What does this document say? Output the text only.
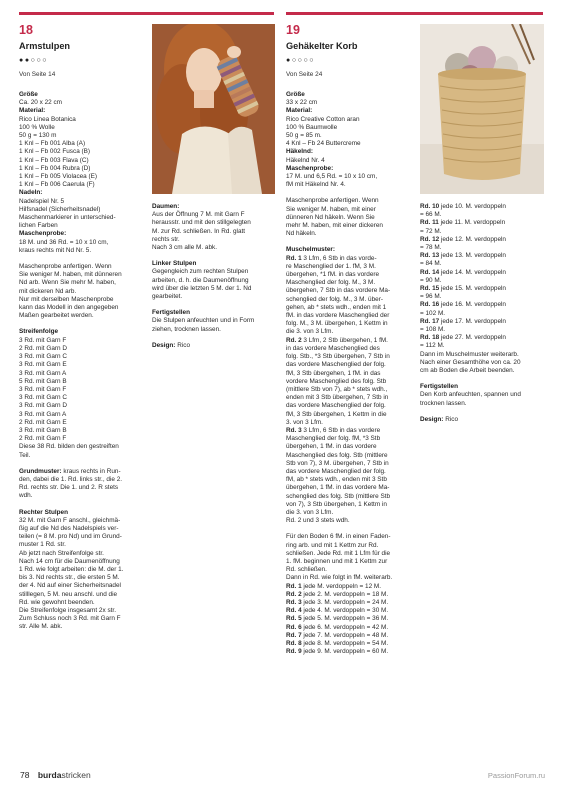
18
Armstulpen
●●○○○
Von Seite 14
Größe
Ca. 20 x 22 cm
Material:
Rico Linea Botanica
100 % Wolle
50 g = 130 m
1 Knl – Fb 001 Alba (A)
1 Knl – Fb 002 Fusca (B)
1 Knl – Fb 003 Flava (C)
1 Knl – Fb 004 Rubra (D)
1 Knl – Fb 005 Violacea (E)
1 Knl – Fb 006 Caerula (F)
Nadeln:
Nadelspiel Nr. 5
Hilfsnadel (Sicherheitsnadel)
Maschenmarkierer in unterschied-
lichen Farben
Maschenprobe:
18 M. und 36 Rd. = 10 x 10 cm,
kraus rechts mit Nd Nr. 5.
Maschenprobe anfertigen. Wenn
Sie weniger M. haben, mit dünneren
Nd arb. Wenn Sie mehr M. haben,
mit dickeren Nd arb.
Nur mit derselben Maschenprobe
kann das Modell in den angegeben
Maßen gearbeitet werden.
Streifenfolge
3 Rd. mit Garn F
2 Rd. mit Garn D
3 Rd. mit Garn C
3 Rd. mit Garn E
3 Rd. mit Garn A
5 Rd. mit Garn B
3 Rd. mit Garn F
3 Rd. mit Garn C
3 Rd. mit Garn D
3 Rd. mit Garn A
2 Rd. mit Garn E
3 Rd. mit Garn B
2 Rd. mit Garn F
Diese 38 Rd. bilden den gestreiften
Teil.
Grundmuster: kraus rechts in Run-
den, dabei die 1. Rd. links str., die 2.
Rd. rechts str. Die 1. und 2. R stets
wdh.
Rechter Stulpen
32 M. mit Garn F anschl., gleichmä-
ßig auf die Nd des Nadelspiels ver-
teilen (= 8 M. pro Nd) und im Grund-
muster 1 Rd. str.
Ab jetzt nach Streifenfolge str.
Nach 14 cm für die Daumenöffnung
1 Rd. wie folgt arbeiten: die M. der 1.
bis 3. Nd rechts str., die ersten 5 M.
der 4. Nd auf einer Sicherheitsnadel
stilllegen, 5 M. neu anschl. und die
Rd. wie gewohnt beenden.
Die Streifenfolge insgesamt 2x str.
Zum Schluss noch 3 Rd. mit Garn F
str. Alle M. abk.
Daumen:
Aus der Öffnung 7 M. mit Garn F
herausstr. und mit den stillgelegten
M. zur Rd. schließen. In Rd. glatt
rechts str.
Nach 3 cm alle M. abk.
Linker Stulpen
Gegengleich zum rechten Stulpen
arbeiten, d. h. die Daumenöffnung
wird über die letzten 5 M. der 1. Nd
gearbeitet.
Fertigstellen
Die Stulpen anfeuchten und in Form
ziehen, trocknen lassen.
Design: Rico
19
Gehäkelter Korb
●○○○○
Von Seite 24
Größe
33 x 22 cm
Material:
Rico Creative Cotton aran
100 % Baumwolle
50 g = 85 m.
4 Knl – Fb 24 Buttercreme
Häkelnd:
Häkelnd Nr. 4
Maschenprobe:
17 M. und 6,5 Rd. = 10 x 10 cm,
fM mit Häkelnd Nr. 4.
Maschenprobe anfertigen. Wenn
Sie weniger M. haben, mit einer
dünneren Nd häkeln. Wenn Sie
mehr M. haben, mit einer dickeren
Nd häkeln.
Muschelmuster:
Rd. 1 3 Lfm, 6 Stb in das vorde-
re Maschenglied der 1. fM, 3 M.
übergehen, *1 fM. in das vordere
Maschenglied der folg. M., 3 M.
übergehen, 7 Stb in das vordere Ma-
schenglied der folg. M., 3 M. über-
gehen, ab * stets wdh., enden mit 1
fM. in das vordere Maschenglied der
folg. M., 3 M. übergehen, 1 Kettm in
die 3. von 3 Lfm.
Rd. 2 3 Lfm, 2 Stb übergehen, 1 fM.
in das vordere Maschenglied des
folg. Stb., *3 Stb übergehen, 7 Stb in
das vordere Maschenglied der folg.
fM, 3 Stb übergehen, 1 fM. in das
vordere Maschenglied des folg. Stb
(mittlere Stb von 7), ab * stets wdh.,
enden mit 3 Stb übergehen, 7 Stb in
das vordere Maschenglied der folg.
fM, 3 Stb übergehen, 1 Kettm in die
3. von 3 Lfm.
Rd. 3 3 Lfm, 6 Stb in das vordere
Maschenglied der folg. fM, *3 Stb
übergehen, 1 fM. in das vordere
Maschenglied des folg. Stb (mittlere
Stb von 7), 3 M. übergehen, 7 Stb in
das vordere Maschenglied der folg.
fM, ab * stets wdh., enden mit 3 Stb
übergehen, 1 fM. in das vordere Ma-
schenglied des folg. Stb (mittlere Stb
von 7), 3 Stb übergehen, 1 Kettm in
die 3. von 3 Lfm.
Rd. 2 und 3 stets wdh.
Für den Boden 6 fM. in einen Faden-
ring arb. und mit 1 Kettm zur Rd.
schließen. Jede Rd. mit 1 Lfm für die
1. fM. beginnen und mit 1 Kettm zur
Rd. schließen.
Dann in Rd. wie folgt in fM. weiterarb.
Rd. 1 jede M. verdoppeln = 12 M.
Rd. 2 jede 2. M. verdoppeln = 18 M.
Rd. 3 jede 3. M. verdoppeln = 24 M.
Rd. 4 jede 4. M. verdoppeln = 30 M.
Rd. 5 jede 5. M. verdoppeln = 36 M.
Rd. 6 jede 6. M. verdoppeln = 42 M.
Rd. 7 jede 7. M. verdoppeln = 48 M.
Rd. 8 jede 8. M. verdoppeln = 54 M.
Rd. 9 jede 9. M. verdoppeln = 60 M.
Rd. 10 jede 10. M. verdoppeln
= 66 M.
Rd. 11 jede 11. M. verdoppeln
= 72 M.
Rd. 12 jede 12. M. verdoppeln
= 78 M.
Rd. 13 jede 13. M. verdoppeln
= 84 M.
Rd. 14 jede 14. M. verdoppeln
= 90 M.
Rd. 15 jede 15. M. verdoppeln
= 96 M.
Rd. 16 jede 16. M. verdoppeln
= 102 M.
Rd. 17 jede 17. M. verdoppeln
= 108 M.
Rd. 18 jede 27. M. verdoppeln
= 112 M.
Dann im Muschelmuster weiterarb.
Nach einer Gesamthöhe von ca. 20
cm ab Boden die Arbeit beenden.
Fertigstellen
Den Korb anfeuchten, spannen und
trocknen lassen.
Design: Rico
78 burdastricken	PassionForum.ru
